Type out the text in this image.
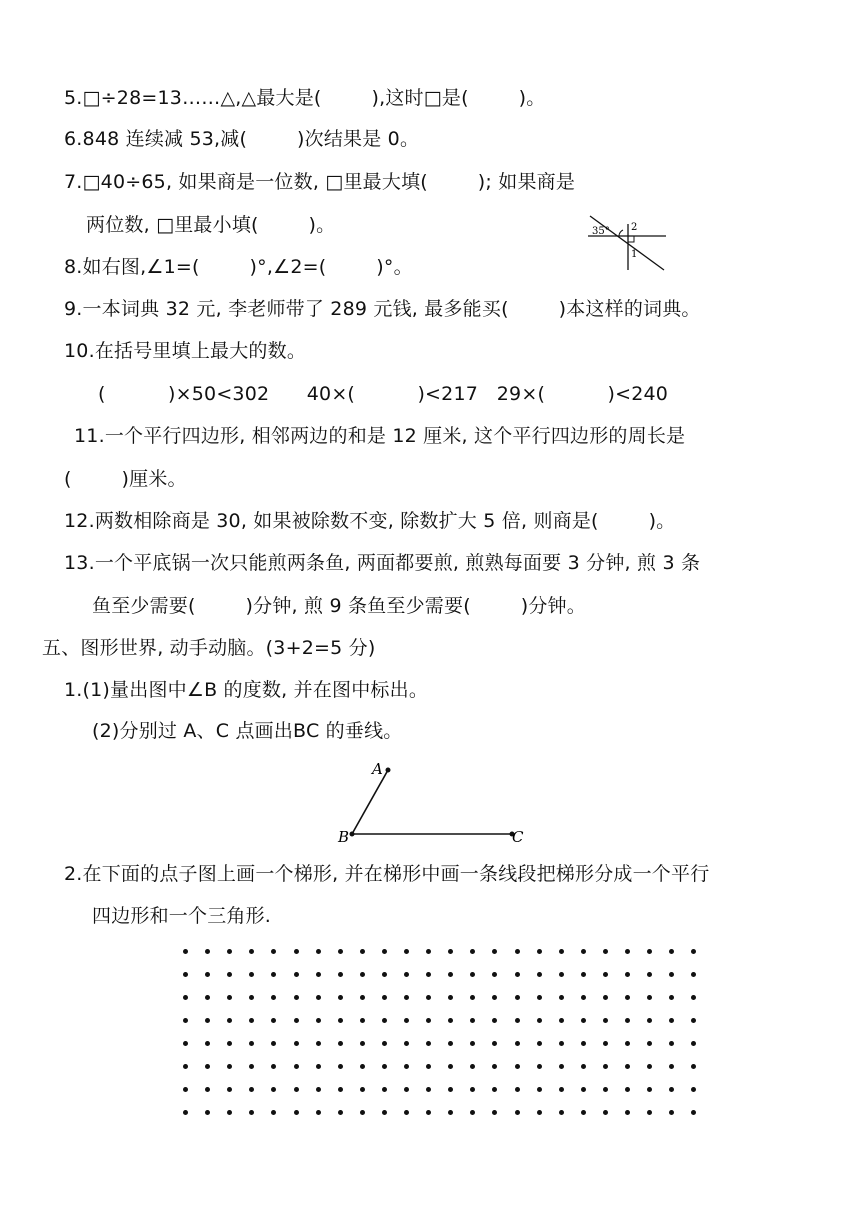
5.□÷28=13……△,△最大是(        ),这时□是(        )。
6.848 连续减 53,减(        )次结果是 0。
7.□40÷65, 如果商是一位数, □里最大填(        ); 如果商是
两位数, □里最小填(        )。	35° 2
1
8.如右图,∠1=(        )°,∠2=(        )°。
9.一本词典 32 元, 李老师带了 289 元钱, 最多能买(        )本这样的词典。
10.在括号里填上最大的数。
(          )×50<302      40×(          )<217   29×(          )<240
11.一个平行四边形, 相邻两边的和是 12 厘米, 这个平行四边形的周长是
(        )厘米。
12.两数相除商是 30, 如果被除数不变, 除数扩大 5 倍, 则商是(        )。
13.一个平底锅一次只能煎两条鱼, 两面都要煎, 煎熟每面要 3 分钟, 煎 3 条
鱼至少需要(        )分钟, 煎 9 条鱼至少需要(        )分钟。
五、图形世界, 动手动脑。(3+2=5 分)
1.(1)量出图中∠B 的度数, 并在图中标出。
(2)分别过 A、C 点画出BC 的垂线。
A
B	C
2.在下面的点子图上画一个梯形, 并在梯形中画一条线段把梯形分成一个平行
四边形和一个三角形.
